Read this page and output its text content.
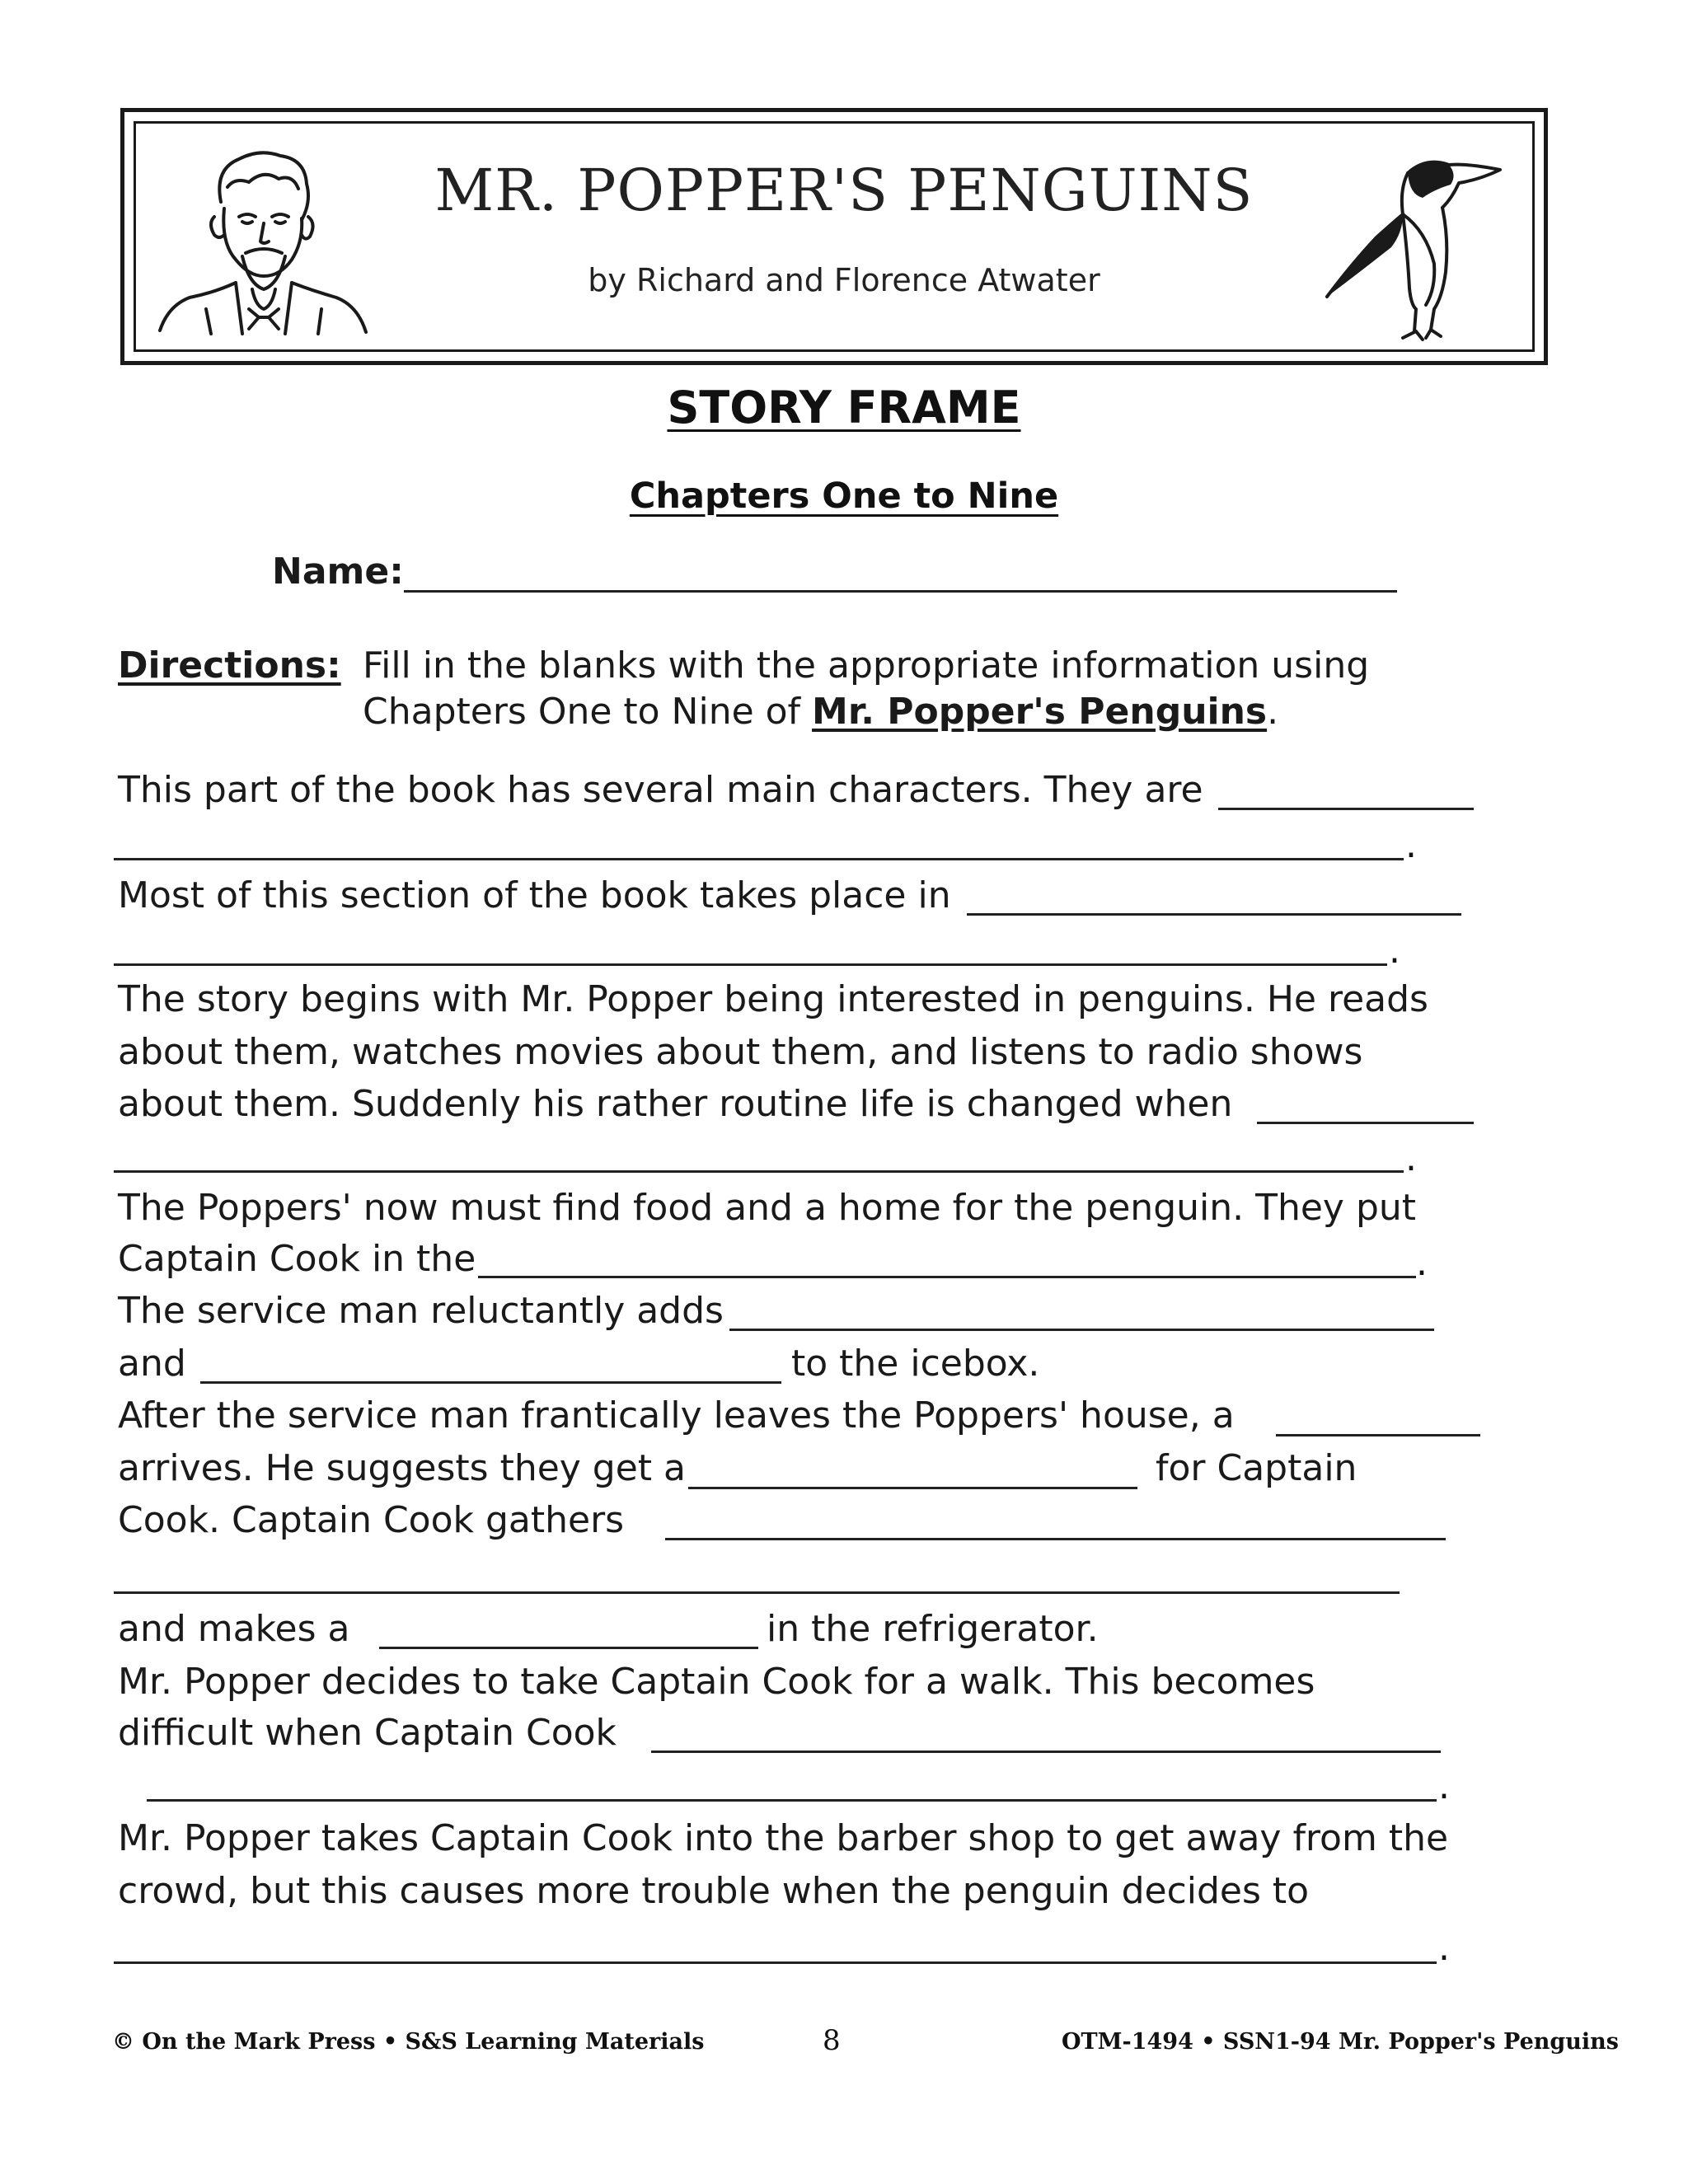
MR. POPPER'S PENGUINS
by Richard and Florence Atwater
STORY FRAME
Chapters One to Nine
Name:
Directions: Fill in the blanks with the appropriate information using
Chapters One to Nine of Mr. Popper's Penguins.
This part of the book has several main characters. They are
.
Most of this section of the book takes place in
.
The story begins with Mr. Popper being interested in penguins. He reads
about them, watches movies about them, and listens to radio shows
about them. Suddenly his rather routine life is changed when
.
The Poppers' now must find food and a home for the penguin. They put
Captain Cook in the	.
The service man reluctantly adds
and	to the icebox.
After the service man frantically leaves the Poppers' house, a
arrives. He suggests they get a	for Captain
Cook. Captain Cook gathers
and makes a	in the refrigerator.
Mr. Popper decides to take Captain Cook for a walk. This becomes
difficult when Captain Cook
.
Mr. Popper takes Captain Cook into the barber shop to get away from the
crowd, but this causes more trouble when the penguin decides to
.
© On the Mark Press • S&S Learning Materials	8	OTM-1494 • SSN1-94 Mr. Popper's Penguins
